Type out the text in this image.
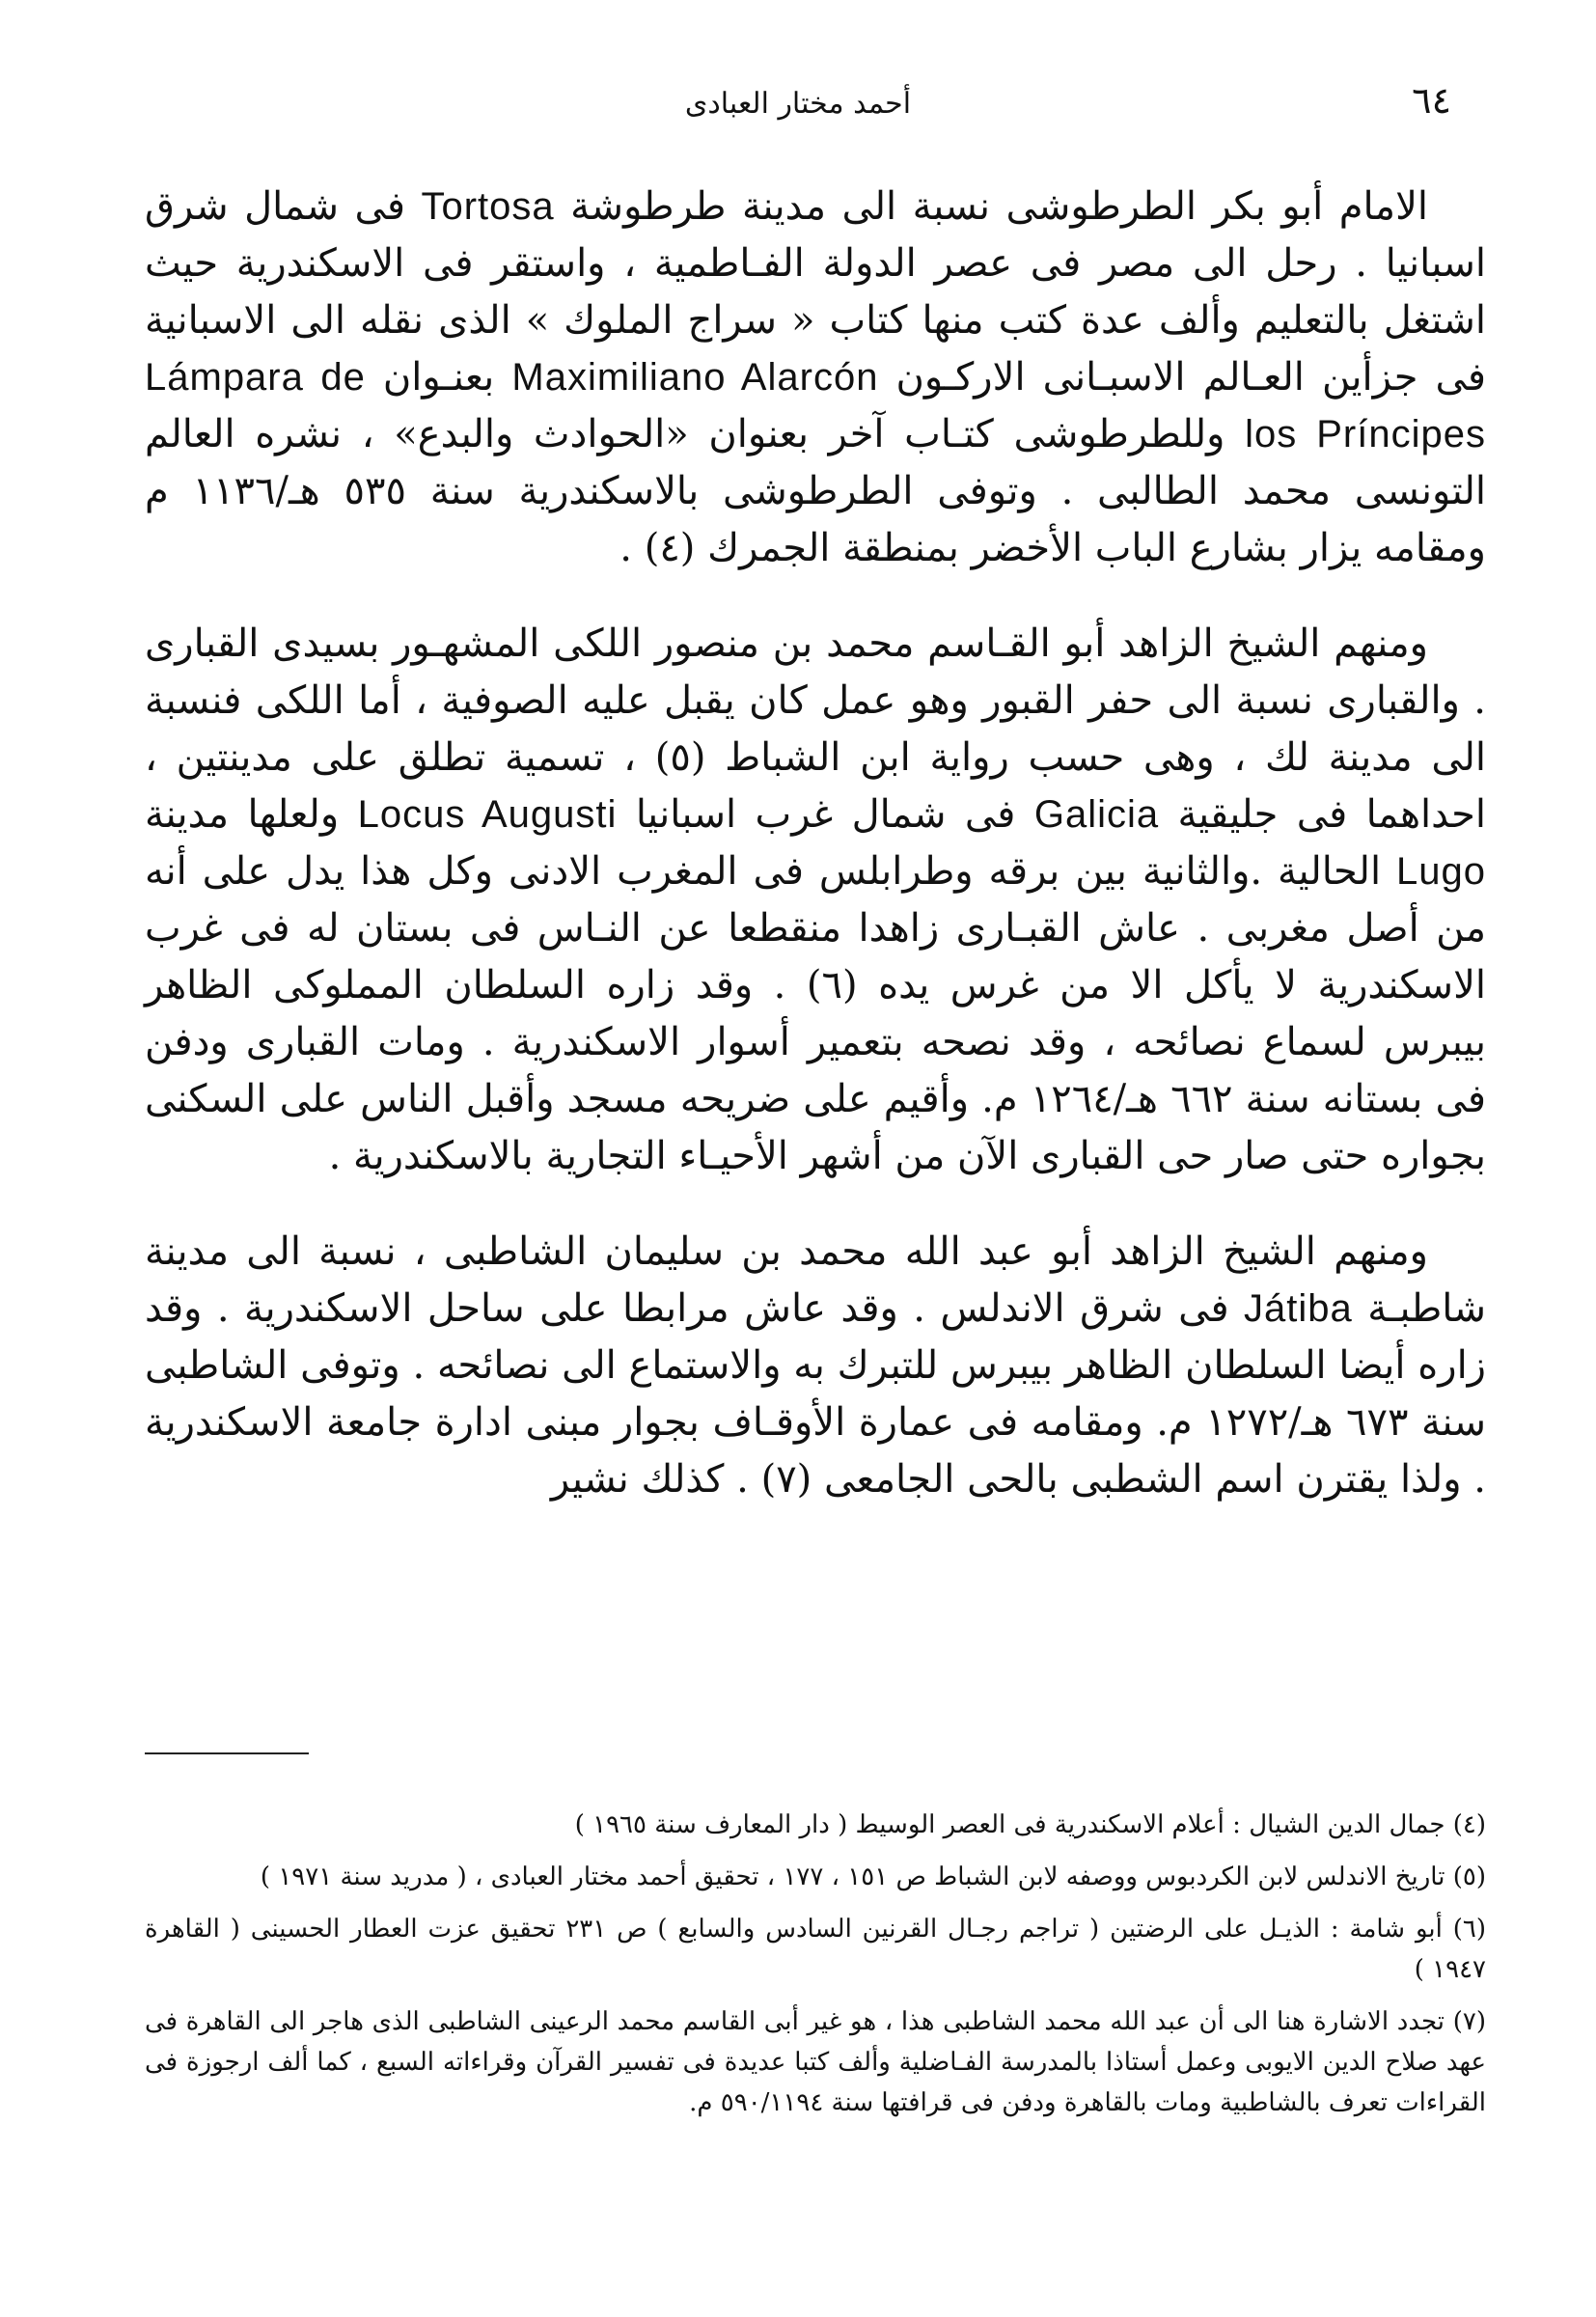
٦٤
أحمد مختار العبادى

الامام أبو بكر الطرطوشى نسبة الى مدينة طرطوشة Tortosa فى شمال شرق اسبانيا . رحل الى مصر فى عصر الدولة الفـاطمية ، واستقر فى الاسكندرية حيث اشتغل بالتعليم وألف عدة كتب منها كتاب « سراج الملوك » الذى نقله الى الاسبانية فى جزأين العـالم الاسبـانى الاركـون Maximiliano Alarcón بعنـوان Lámpara de los Príncipes وللطرطوشى كتـاب آخر بعنوان «الحوادث والبدع» ، نشره العالم التونسى محمد الطالبى . وتوفى الطرطوشى بالاسكندرية سنة ٥٣٥ هـ/١١٣٦ م ومقامه يزار بشارع الباب الأخضر بمنطقة الجمرك (٤) .

ومنهم الشيخ الزاهد أبو القـاسم محمد بن منصور اللكى المشهـور بسيدى القبارى . والقبارى نسبة الى حفر القبور وهو عمل كان يقبل عليه الصوفية ، أما اللكى فنسبة الى مدينة لك ، وهى حسب رواية ابن الشباط (٥) ، تسمية تطلق على مدينتين ، احداهما فى جليقية Galicia فى شمال غرب اسبانيا Locus Augusti ولعلها مدينة Lugo الحالية .والثانية بين برقه وطرابلس فى المغرب الادنى وكل هذا يدل على أنه من أصل مغربى . عاش القبـارى زاهدا منقطعا عن النـاس فى بستان له فى غرب الاسكندرية لا يأكل الا من غرس يده (٦) . وقد زاره السلطان المملوكى الظاهر بيبرس لسماع نصائحه ، وقد نصحه بتعمير أسوار الاسكندرية . ومات القبارى ودفن فى بستانه سنة ٦٦٢ هـ/١٢٦٤ م. وأقيم على ضريحه مسجد وأقبل الناس على السكنى بجواره حتى صار حى القبارى الآن من أشهر الأحيـاء التجارية بالاسكندرية .

ومنهم الشيخ الزاهد أبو عبد الله محمد بن سليمان الشاطبى ، نسبة الى مدينة شاطبـة Játiba فى شرق الاندلس . وقد عاش مرابطا على ساحل الاسكندرية . وقد زاره أيضا السلطان الظاهر بيبرس للتبرك به والاستماع الى نصائحه . وتوفى الشاطبى سنة ٦٧٣ هـ/١٢٧٢ م. ومقامه فى عمارة الأوقـاف بجوار مبنى ادارة جامعة الاسكندرية . ولذا يقترن اسم الشطبى بالحى الجامعى (٧) . كذلك نشير

(٤) جمال الدين الشيال : أعلام الاسكندرية فى العصر الوسيط ( دار المعارف سنة ١٩٦٥ )

(٥) تاريخ الاندلس لابن الكردبوس ووصفه لابن الشباط ص ١٥١ ، ١٧٧ ، تحقيق أحمد مختار العبادى ، ( مدريد سنة ١٩٧١ )

(٦) أبو شامة : الذيـل على الرضتين ( تراجم رجـال القرنين السادس والسابع ) ص ٢٣١ تحقيق عزت العطار الحسينى ( القاهرة ١٩٤٧ )

(٧) تجدد الاشارة هنا الى أن عبد الله محمد الشاطبى هذا ، هو غير أبى القاسم محمد الرعينى الشاطبى الذى هاجر الى القاهرة فى عهد صلاح الدين الايوبى وعمل أستاذا بالمدرسة الفـاضلية وألف كتبا عديدة فى تفسير القرآن وقراءاته السبع ، كما ألف ارجوزة فى القراءات تعرف بالشاطبية ومات بالقاهرة ودفن فى قرافتها سنة ٥٩٠/١١٩٤ م.
